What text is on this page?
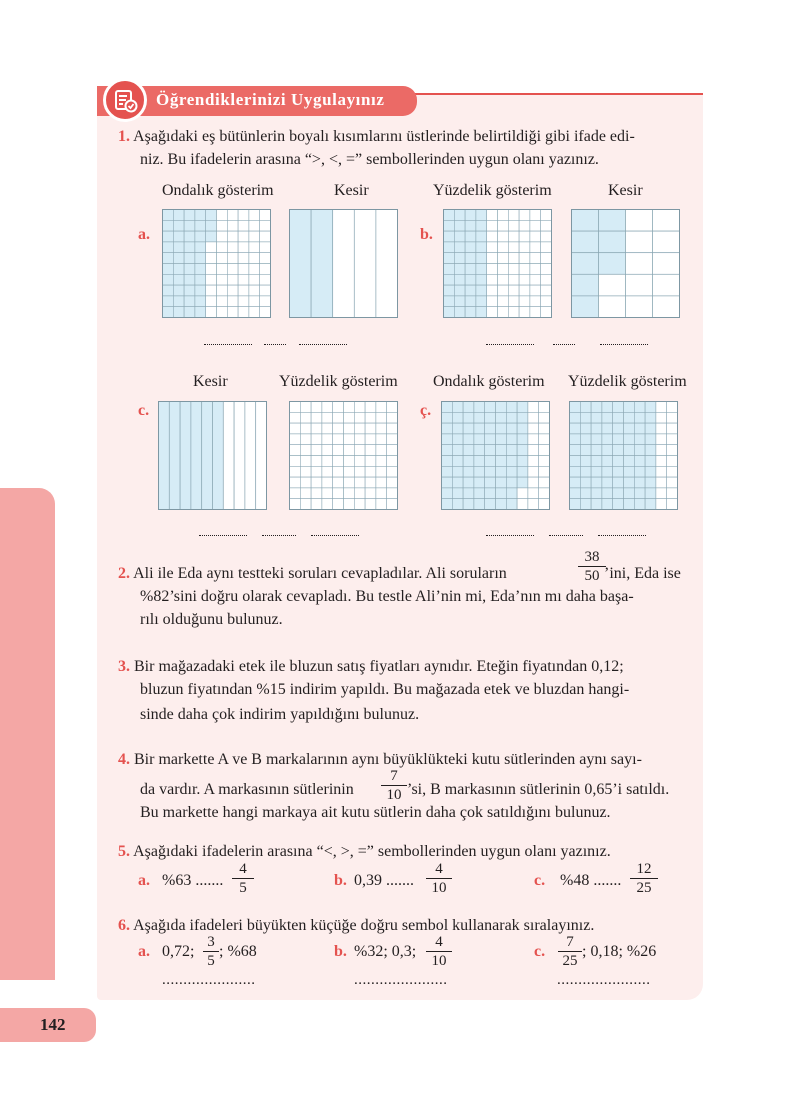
142
Öğrendiklerinizi Uygulayınız
1. Aşağıdaki eş bütünlerin boyalı kısımlarını üstlerinde belirtildiği gibi ifade edi-
niz. Bu ifadelerin arasına “>, <, =” sembollerinden uygun olanı yazınız.
Ondalık gösterim	Kesir	Yüzdelik gösterim	Kesir
a.	b.
Kesir	Yüzdelik gösterim Ondalık gösterim Yüzdelik gösterim
c.	ç.
2. Ali ile Eda aynı testteki soruları cevapladılar. Ali soruların	$\frac{38}{50}$
’ini, Eda ise
%82’sini doğru olarak cevapladı. Bu testle Ali’nin mi, Eda’nın mı daha başa-
rılı olduğunu bulunuz.
3. Bir mağazadaki etek ile bluzun satış fiyatları aynıdır. Eteğin fiyatından 0,12;
bluzun fiyatından %15 indirim yapıldı. Bu mağazada etek ve bluzdan hangi-
sinde daha çok indirim yapıldığını bulunuz.
4. Bir markette A ve B markalarının aynı büyüklükteki kutu sütlerinden aynı sayı-
da vardır. A markasının sütlerinin $\frac{7}{10}$ ’si, B markasının sütlerinin 0,65’i satıldı.
Bu markette hangi markaya ait kutu sütlerin daha çok satıldığını bulunuz.
5. Aşağıdaki ifadelerin arasına “<, >, =” sembollerinden uygun olanı yazınız.
a. %63 ....... $\frac{4}{5}$	b. 0,39 ....... $\frac{4}{10}$	c. %48 ....... $\frac{12}{25}$
6. Aşağıda ifadeleri büyükten küçüğe doğru sembol kullanarak sıralayınız.
a. 0,72; $\frac{3}{5}$ ; %68
......................
b. %32; 0,3; $\frac{4}{10}$
......................
c. $\frac{7}{25}$ ; 0,18; %26
......................
